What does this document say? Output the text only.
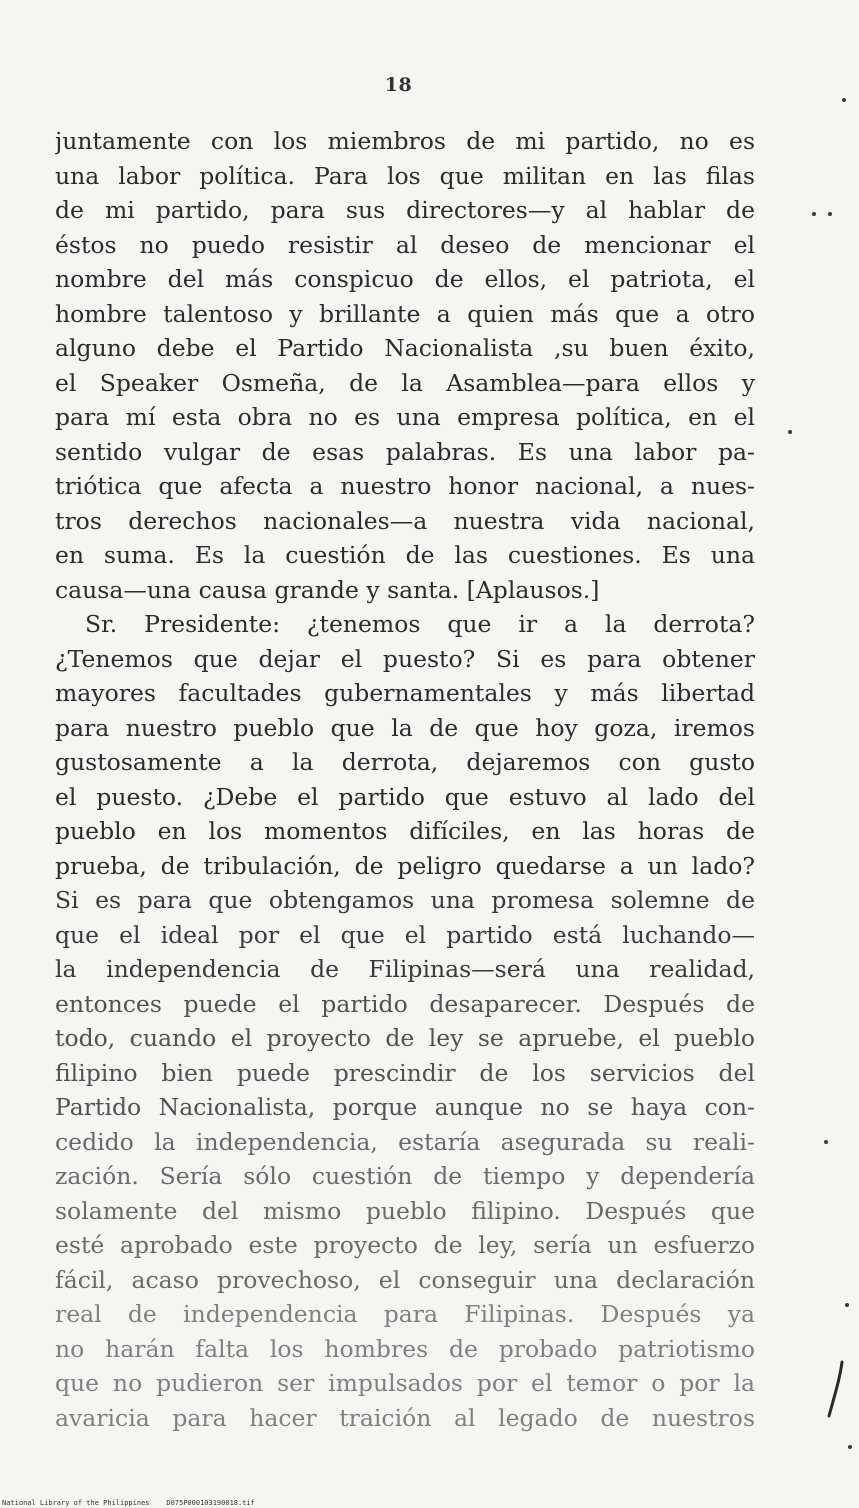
18
juntamente con los miembros de mi partido, no es
una labor política. Para los que militan en las filas
de mi partido, para sus directores—y al hablar de
éstos no puedo resistir al deseo de mencionar el
nombre del más conspicuo de ellos, el patriota, el
hombre talentoso y brillante a quien más que a otro
alguno debe el Partido Nacionalista ,su buen éxito,
el Speaker Osmeña, de la Asamblea—para ellos y
para mí esta obra no es una empresa política, en el
sentido vulgar de esas palabras. Es una labor pa-
triótica que afecta a nuestro honor nacional, a nues-
tros derechos nacionales—a nuestra vida nacional,
en suma. Es la cuestión de las cuestiones. Es una
causa—una causa grande y santa. [Aplausos.]
Sr. Presidente: ¿tenemos que ir a la derrota?
¿Tenemos que dejar el puesto? Si es para obtener
mayores facultades gubernamentales y más libertad
para nuestro pueblo que la de que hoy goza, iremos
gustosamente a la derrota, dejaremos con gusto
el puesto. ¿Debe el partido que estuvo al lado del
pueblo en los momentos difíciles, en las horas de
prueba, de tribulación, de peligro quedarse a un lado?
Si es para que obtengamos una promesa solemne de
que el ideal por el que el partido está luchando—
la independencia de Filipinas—será una realidad,
entonces puede el partido desaparecer. Después de
todo, cuando el proyecto de ley se apruebe, el pueblo
filipino bien puede prescindir de los servicios del
Partido Nacionalista, porque aunque no se haya con-
cedido la independencia, estaría asegurada su reali-
zación. Sería sólo cuestión de tiempo y dependería
solamente del mismo pueblo filipino. Después que
esté aprobado este proyecto de ley, sería un esfuerzo
fácil, acaso provechoso, el conseguir una declaración
real de independencia para Filipinas. Después ya
no harán falta los hombres de probado patriotismo
que no pudieron ser impulsados por el temor o por la
avaricia para hacer traición al legado de nuestros
National Library of the Philippines    D075P000103190018.tif
